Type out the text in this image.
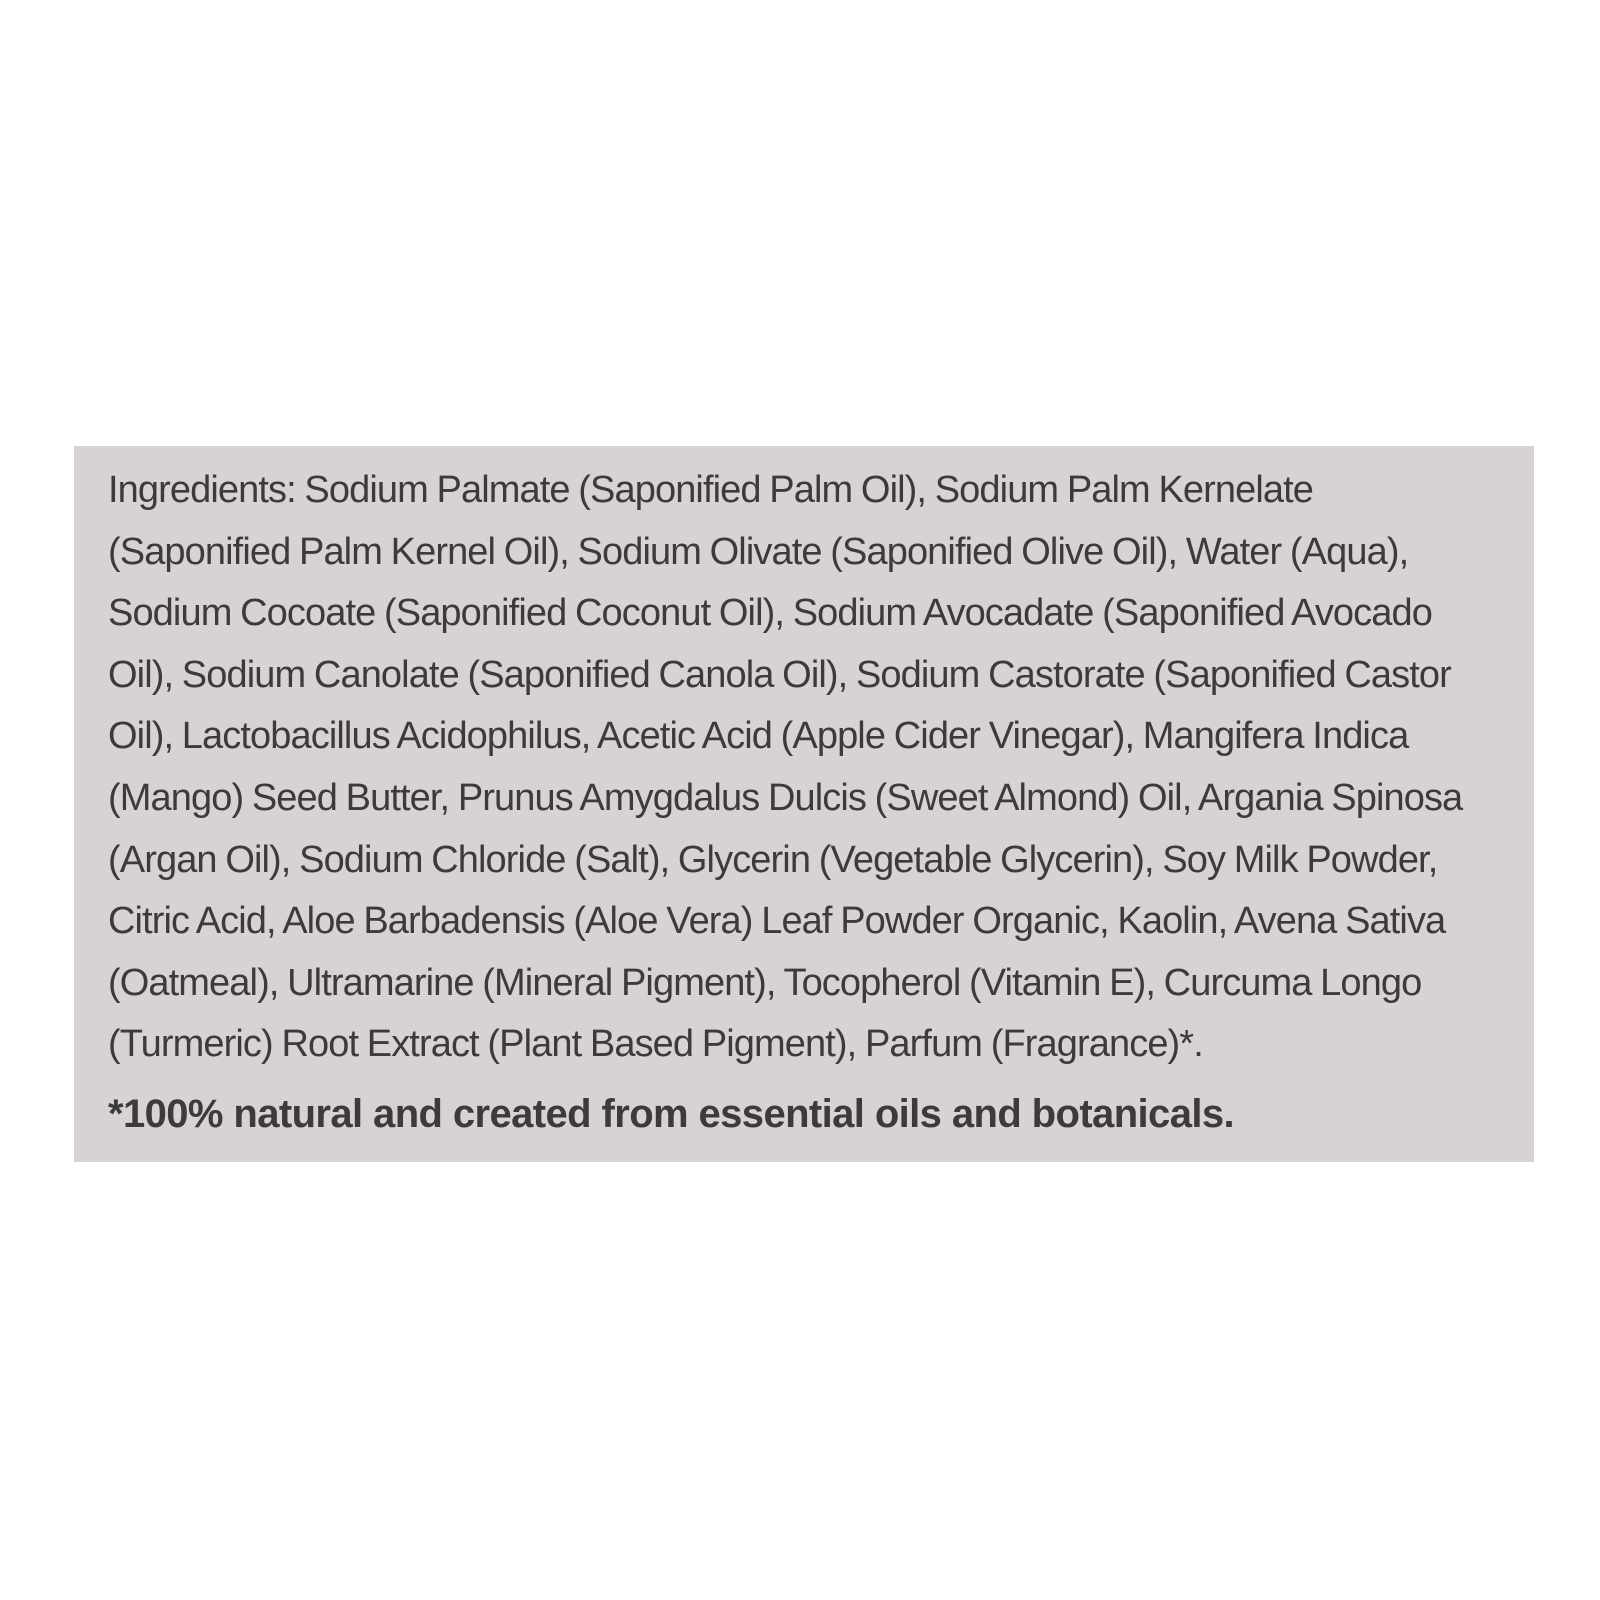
Ingredients: Sodium Palmate (Saponified Palm Oil), Sodium Palm Kernelate
(Saponified Palm Kernel Oil), Sodium Olivate (Saponified Olive Oil), Water (Aqua),
Sodium Cocoate (Saponified Coconut Oil), Sodium Avocadate (Saponified Avocado
Oil), Sodium Canolate (Saponified Canola Oil), Sodium Castorate (Saponified Castor
Oil), Lactobacillus Acidophilus, Acetic Acid (Apple Cider Vinegar), Mangifera Indica
(Mango) Seed Butter, Prunus Amygdalus Dulcis (Sweet Almond) Oil, Argania Spinosa
(Argan Oil), Sodium Chloride (Salt), Glycerin (Vegetable Glycerin), Soy Milk Powder,
Citric Acid, Aloe Barbadensis (Aloe Vera) Leaf Powder Organic, Kaolin, Avena Sativa
(Oatmeal), Ultramarine (Mineral Pigment), Tocopherol (Vitamin E), Curcuma Longo
(Turmeric) Root Extract (Plant Based Pigment), Parfum (Fragrance)*.

*100% natural and created from essential oils and botanicals.
